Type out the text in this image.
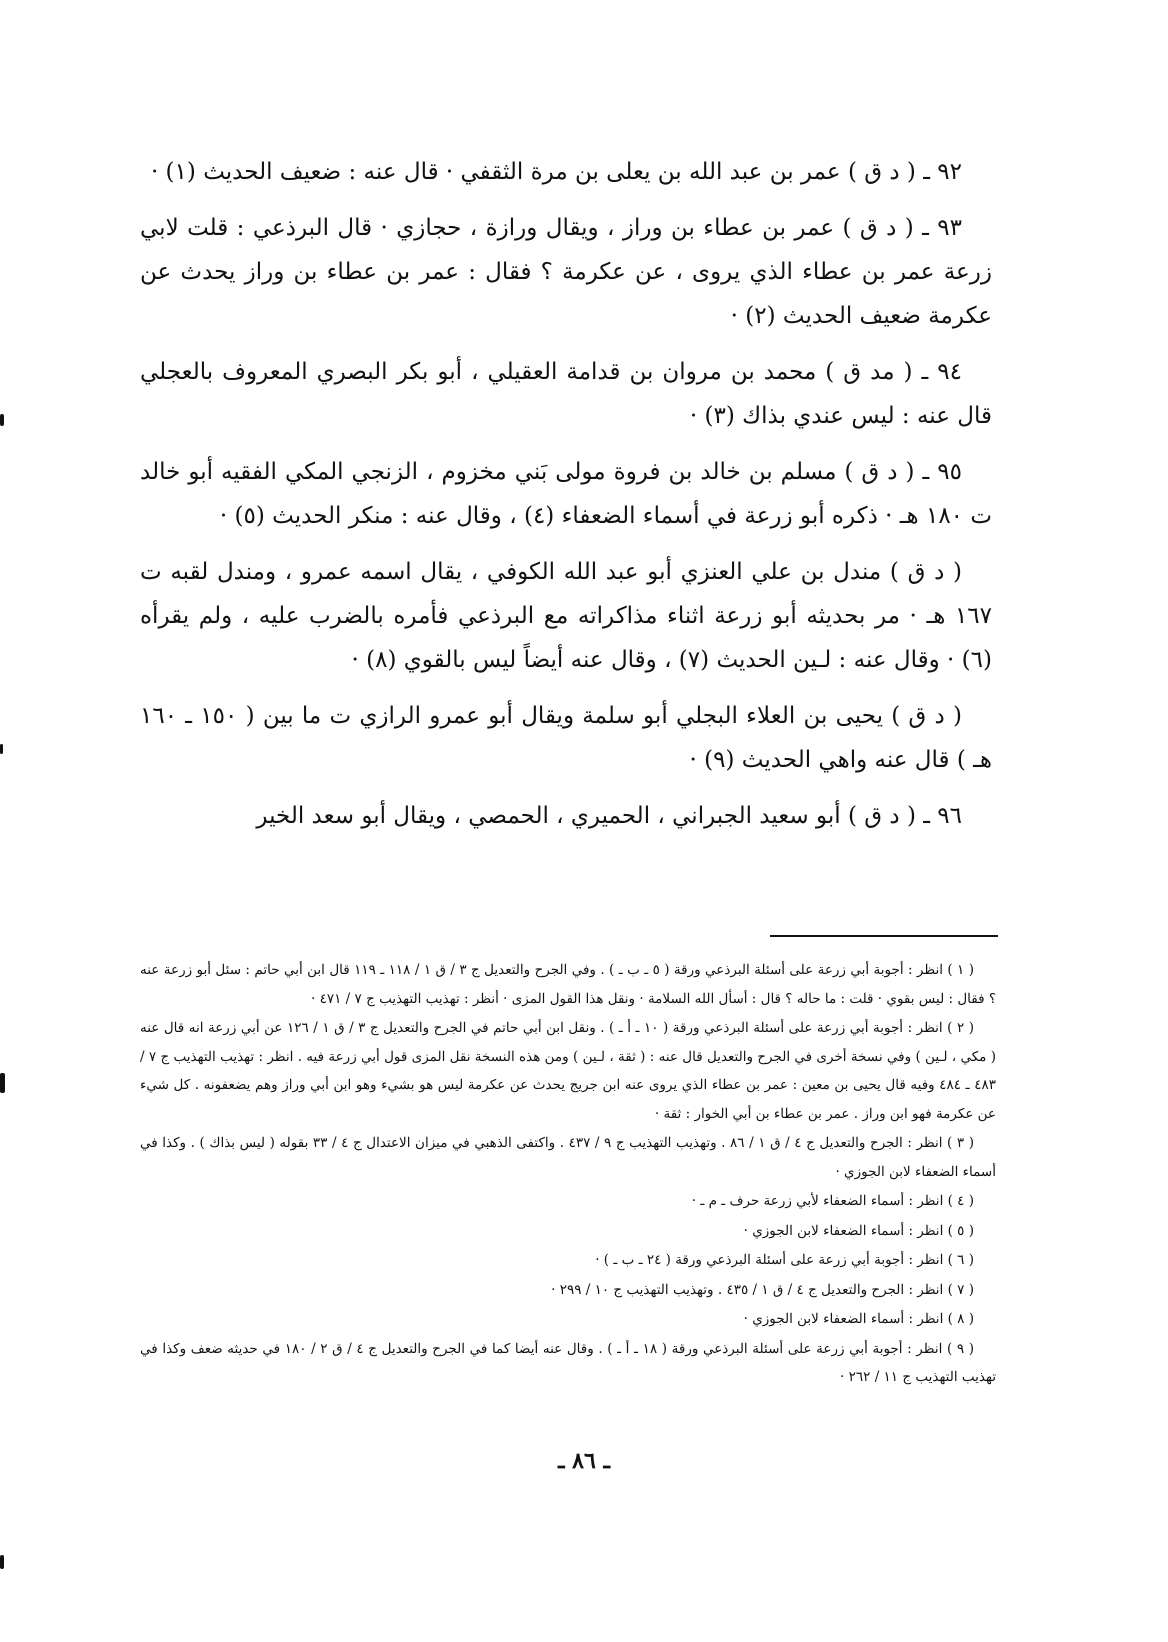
٩٢ ـ ( د ق ) عمر بن عبد الله بن يعلى بن مرة الثقفي · قال عنه : ضعيف الحديث (١) ·

٩٣ ـ ( د ق ) عمر بن عطاء بن وراز ، ويقال ورازة ، حجازي · قال البرذعي : قلت لابي زرعة عمر بن عطاء الذي يروى ، عن عكرمة ؟ فقال : عمر بن عطاء بن وراز يحدث عن عكرمة ضعيف الحديث (٢) ·

٩٤ ـ ( مد ق ) محمد بن مروان بن قدامة العقيلي ، أبو بكر البصري المعروف بالعجلي قال عنه : ليس عندي بذاك (٣) ·

٩٥ ـ ( د ق ) مسلم بن خالد بن فروة مولى بَني مخزوم ، الزنجي المكي الفقيه أبو خالد ت ١٨٠ هـ · ذكره أبو زرعة في أسماء الضعفاء (٤) ، وقال عنه : منكر الحديث (٥) ·

( د ق ) مندل بن علي العنزي أبو عبد الله الكوفي ، يقال اسمه عمرو ، ومندل لقبه ت ١٦٧ هـ · مر بحديثه أبو زرعة اثناء مذاكراته مع البرذعي فأمره بالضرب عليه ، ولم يقرأه (٦) · وقال عنه : لـين الحديث (٧) ، وقال عنه أيضاً ليس بالقوي (٨) ·

( د ق ) يحيى بن العلاء البجلي أبو سلمة ويقال أبو عمرو الرازي ت ما بين ( ١٥٠ ـ ١٦٠ هـ ) قال عنه واهي الحديث (٩) ·

٩٦ ـ ( د ق ) أبو سعيد الجبراني ، الحميري ، الحمصي ، ويقال أبو سعد الخير

( ١ ) انظر : أجوبة أبي زرعة على أسئلة البرذعي ورقة ( ٥ ـ ب ـ ) . وفي الجرح والتعديل ج ٣ / ق ١ / ١١٨ ـ ١١٩ قال ابن أبي حاتم : سئل أبو زرعة عنه ؟ فقال : ليس بقوي · قلت : ما حاله ؟ قال : أسأل الله السلامة · ونقل هذا القول المزى · أنظر : تهذيب التهذيب ج ٧ / ٤٧١ ·

( ٢ ) انظر : أجوبة أبي زرعة على أسئلة البرذعي ورقة ( ١٠ ـ أ ـ ) . ونقل ابن أبي حاتم في الجرح والتعديل ج ٣ / ق ١ / ١٢٦ عن أبي زرعة انه قال عنه ( مكي ، لـين ) وفي نسخة أخرى في الجرح والتعديل قال عنه : ( ثقة ، لـين ) ومن هذه النسخة نقل المزى قول أبي زرعة فيه . انظر : تهذيب التهذيب ج ٧ / ٤٨٣ ـ ٤٨٤ وفيه قال يحيى بن معين : عمر بن عطاء الذي يروى عنه ابن جريج يحدث عن عكرمة ليس هو بشيء وهو ابن أبي وراز وهم يضعفونه . كل شيء عن عكرمة فهو ابن وراز . عمر بن عطاء بن أبي الخوار : ثقة ·

( ٣ ) انظر : الجرح والتعديل ج ٤ / ق ١ / ٨٦ . وتهذيب التهذيب ج ٩ / ٤٣٧ . واكتفى الذهبي في ميزان الاعتدال ج ٤ / ٣٣ بقوله ( ليس بذاك ) . وكذا في أسماء الضعفاء لابن الجوزي ·

( ٤ ) انظر : أسماء الضعفاء لأبي زرعة حرف ـ م ـ ·

( ٥ ) انظر : أسماء الضعفاء لابن الجوزي ·

( ٦ ) انظر : أجوبة أبي زرعة على أسئلة البرذعي ورقة ( ٢٤ ـ ب ـ ) ·

( ٧ ) انظر : الجرح والتعديل ج ٤ / ق ١ / ٤٣٥ . وتهذيب التهذيب ج ١٠ / ٢٩٩ ·

( ٨ ) انظر : أسماء الضعفاء لابن الجوزي ·

( ٩ ) انظر : أجوبة أبي زرعة على أسئلة البرذعي ورقة ( ١٨ ـ أ ـ ) . وقال عنه أيضا كما في الجرح والتعديل ج ٤ / ق ٢ / ١٨٠ في حديثه ضعف وكذا في تهذيب التهذيب ج ١١ / ٢٦٢ ·

ـ ٨٦ ـ
